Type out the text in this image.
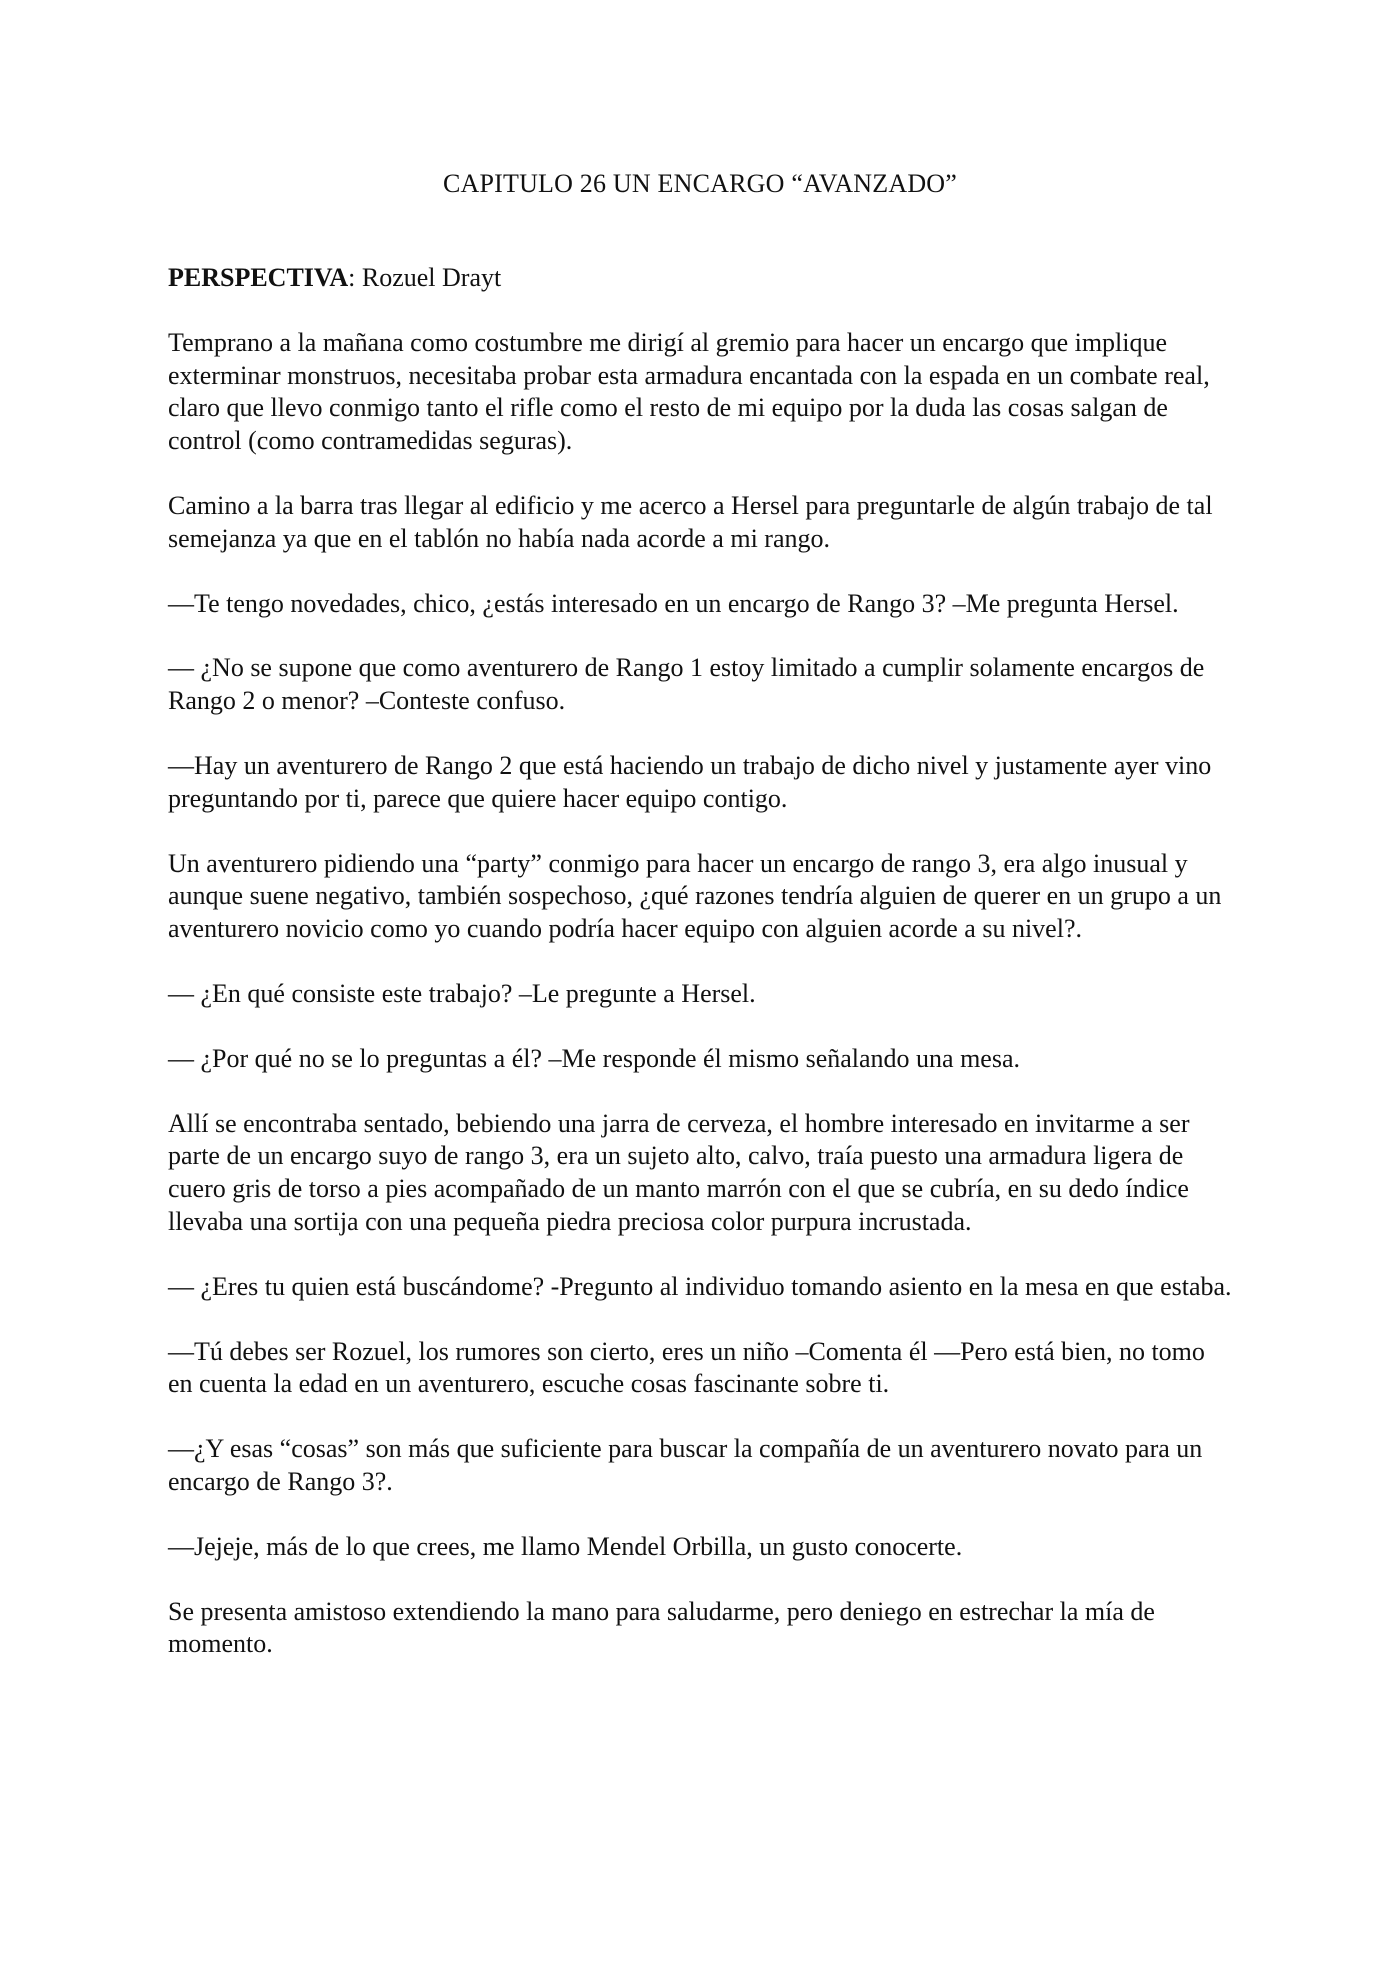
CAPITULO 26 UN ENCARGO “AVANZADO”

PERSPECTIVA: Rozuel Drayt

Temprano a la mañana como costumbre me dirigí al gremio para hacer un encargo que implique exterminar monstruos, necesitaba probar esta armadura encantada con la espada en un combate real, claro que llevo conmigo tanto el rifle como el resto de mi equipo por la duda las cosas salgan de control (como contramedidas seguras).

Camino a la barra tras llegar al edificio y me acerco a Hersel para preguntarle de algún trabajo de tal semejanza ya que en el tablón no había nada acorde a mi rango.

—Te tengo novedades, chico, ¿estás interesado en un encargo de Rango 3? –Me pregunta Hersel.

— ¿No se supone que como aventurero de Rango 1 estoy limitado a cumplir solamente encargos de Rango 2 o menor? –Conteste confuso.

—Hay un aventurero de Rango 2 que está haciendo un trabajo de dicho nivel y justamente ayer vino preguntando por ti, parece que quiere hacer equipo contigo.

Un aventurero pidiendo una “party” conmigo para hacer un encargo de rango 3, era algo inusual y aunque suene negativo, también sospechoso, ¿qué razones tendría alguien de querer en un grupo a un aventurero novicio como yo cuando podría hacer equipo con alguien acorde a su nivel?.

— ¿En qué consiste este trabajo? –Le pregunte a Hersel.

— ¿Por qué no se lo preguntas a él? –Me responde él mismo señalando una mesa.

Allí se encontraba sentado, bebiendo una jarra de cerveza, el hombre interesado en invitarme a ser parte de un encargo suyo de rango 3, era un sujeto alto, calvo, traía puesto una armadura ligera de cuero gris de torso a pies acompañado de un manto marrón con el que se cubría, en su dedo índice llevaba una sortija con una pequeña piedra preciosa color purpura incrustada.

— ¿Eres tu quien está buscándome? -Pregunto al individuo tomando asiento en la mesa en que estaba.

—Tú debes ser Rozuel, los rumores son cierto, eres un niño –Comenta él —Pero está bien, no tomo en cuenta la edad en un aventurero, escuche cosas fascinante sobre ti.

—¿Y esas “cosas” son más que suficiente para buscar la compañía de un aventurero novato para un encargo de Rango 3?.

—Jejeje, más de lo que crees, me llamo Mendel Orbilla, un gusto conocerte.

Se presenta amistoso extendiendo la mano para saludarme, pero deniego en estrechar la mía de momento.
